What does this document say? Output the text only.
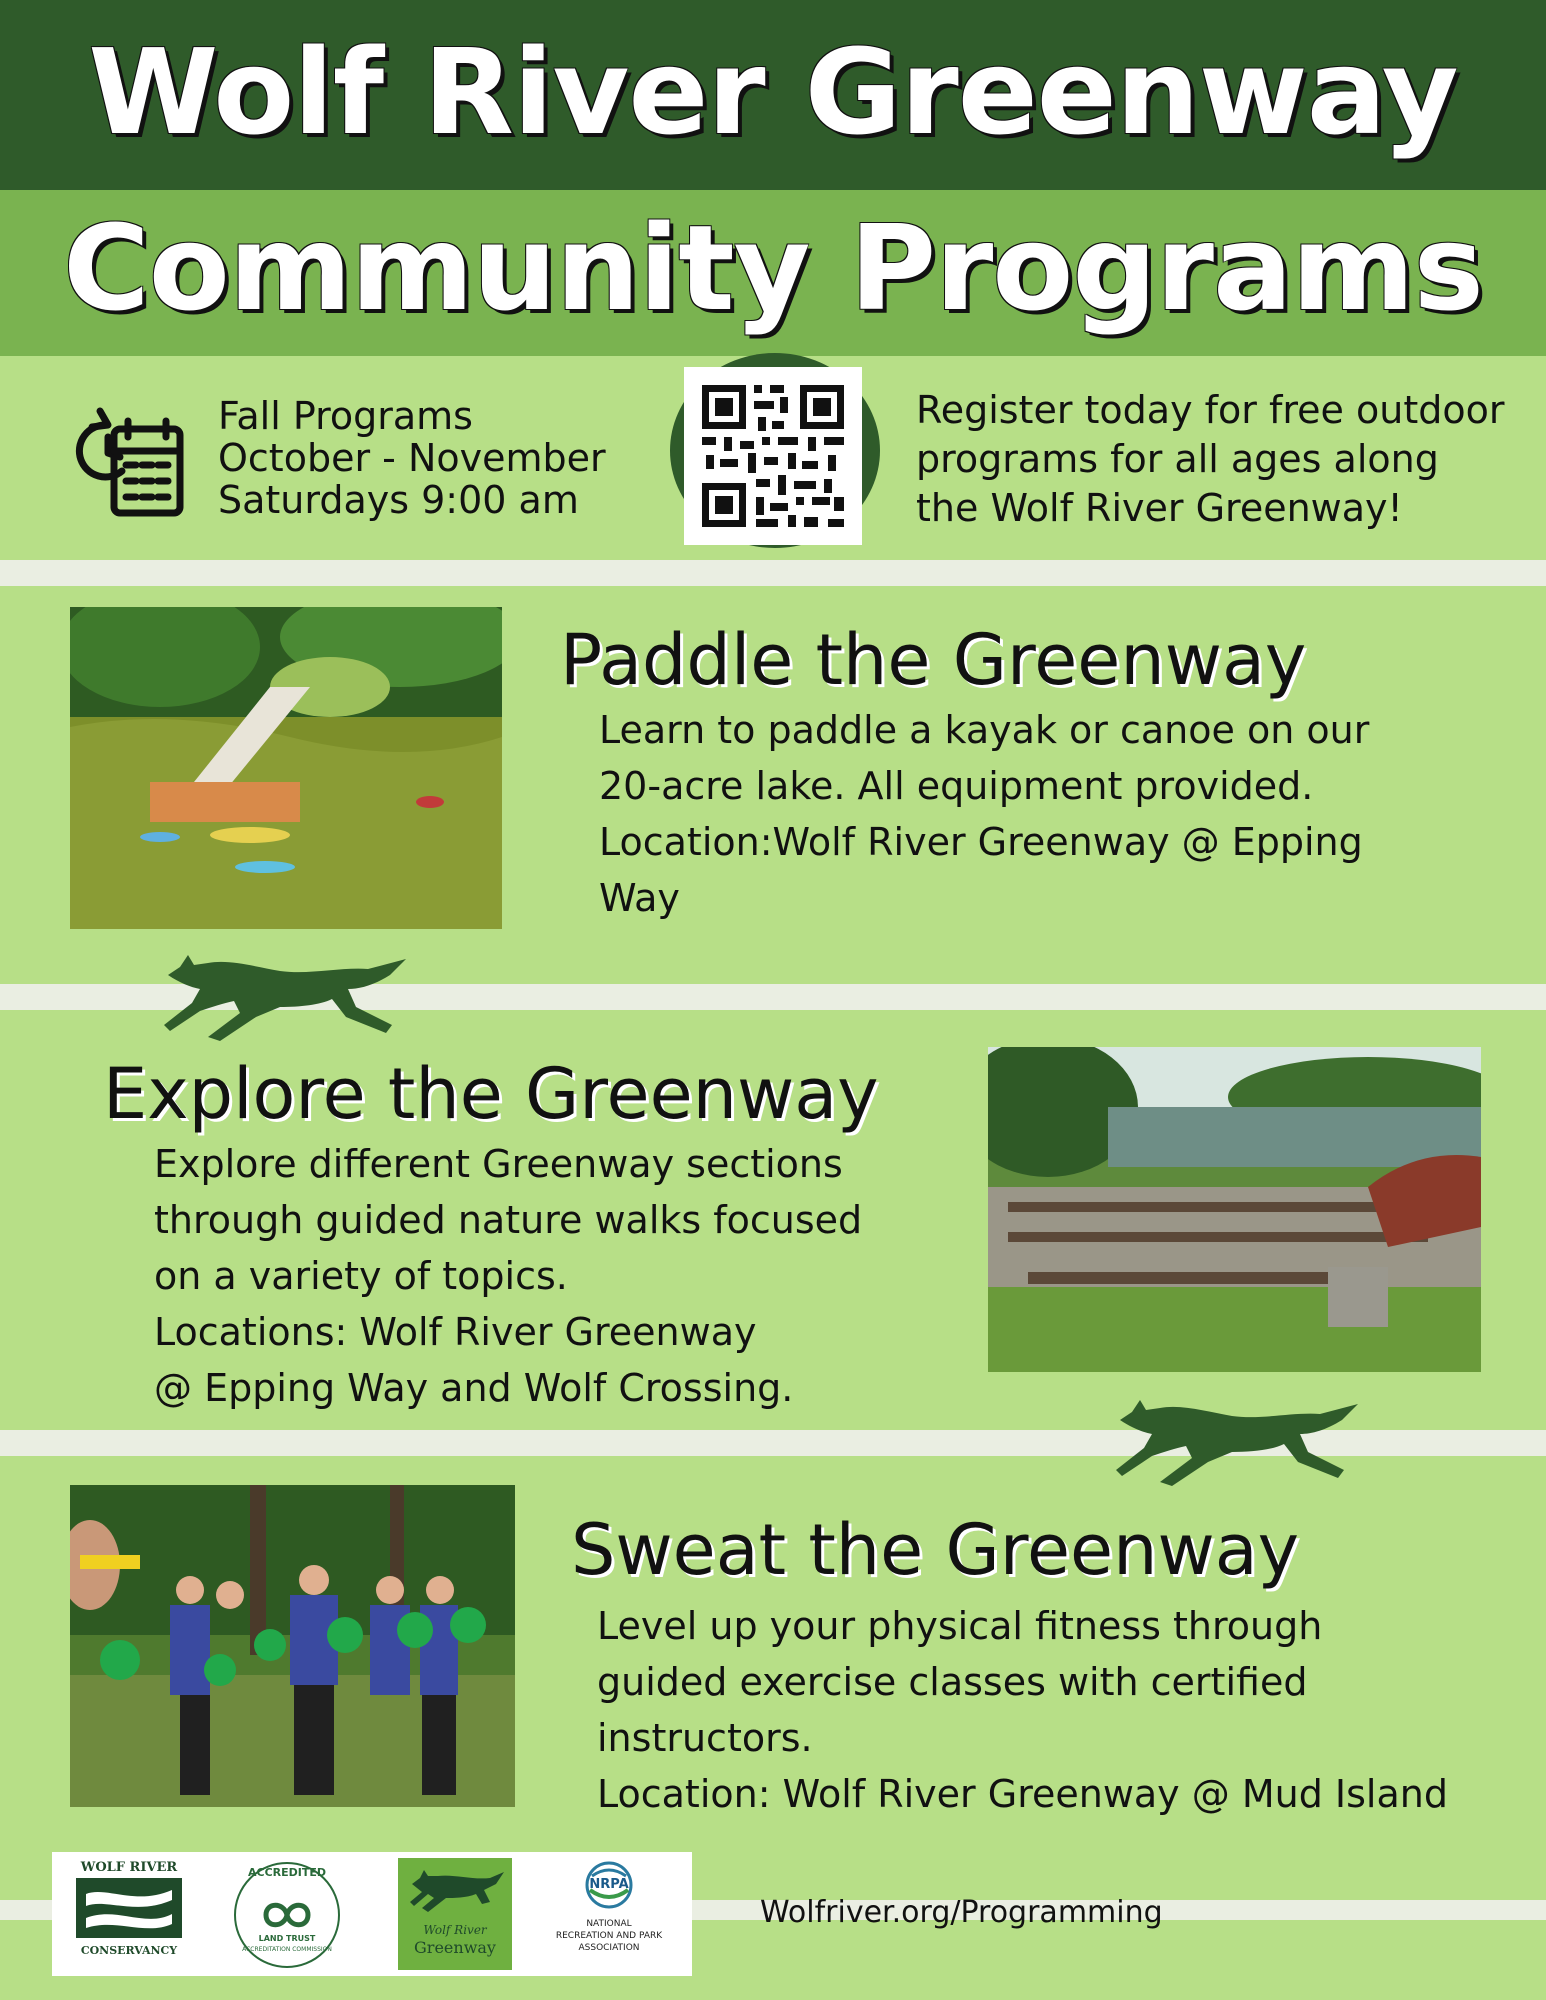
Wolf River Greenway
Community Programs
Fall Programs
October - November
Saturdays 9:00 am
Register today for free outdoor
programs for all ages along
the Wolf River Greenway!
Paddle the Greenway
Learn to paddle a kayak or canoe on our
20-acre lake. All equipment provided.
Location:Wolf River Greenway @ Epping
Way
Explore the Greenway
Explore different Greenway sections
through guided nature walks focused
on a variety of topics.
Locations: Wolf River Greenway
@ Epping Way and Wolf Crossing.
Sweat the Greenway
Level up your physical fitness through
guided exercise classes with certified
instructors.
Location: Wolf River Greenway @ Mud Island
WOLF RIVER
CONSERVANCY
ACCREDITED
LAND TRUST
ACCREDITATION COMMISSION
Wolf River
Greenway
NRPA
NATIONAL
RECREATION AND PARK
ASSOCIATION
Wolfriver.org/Programming
